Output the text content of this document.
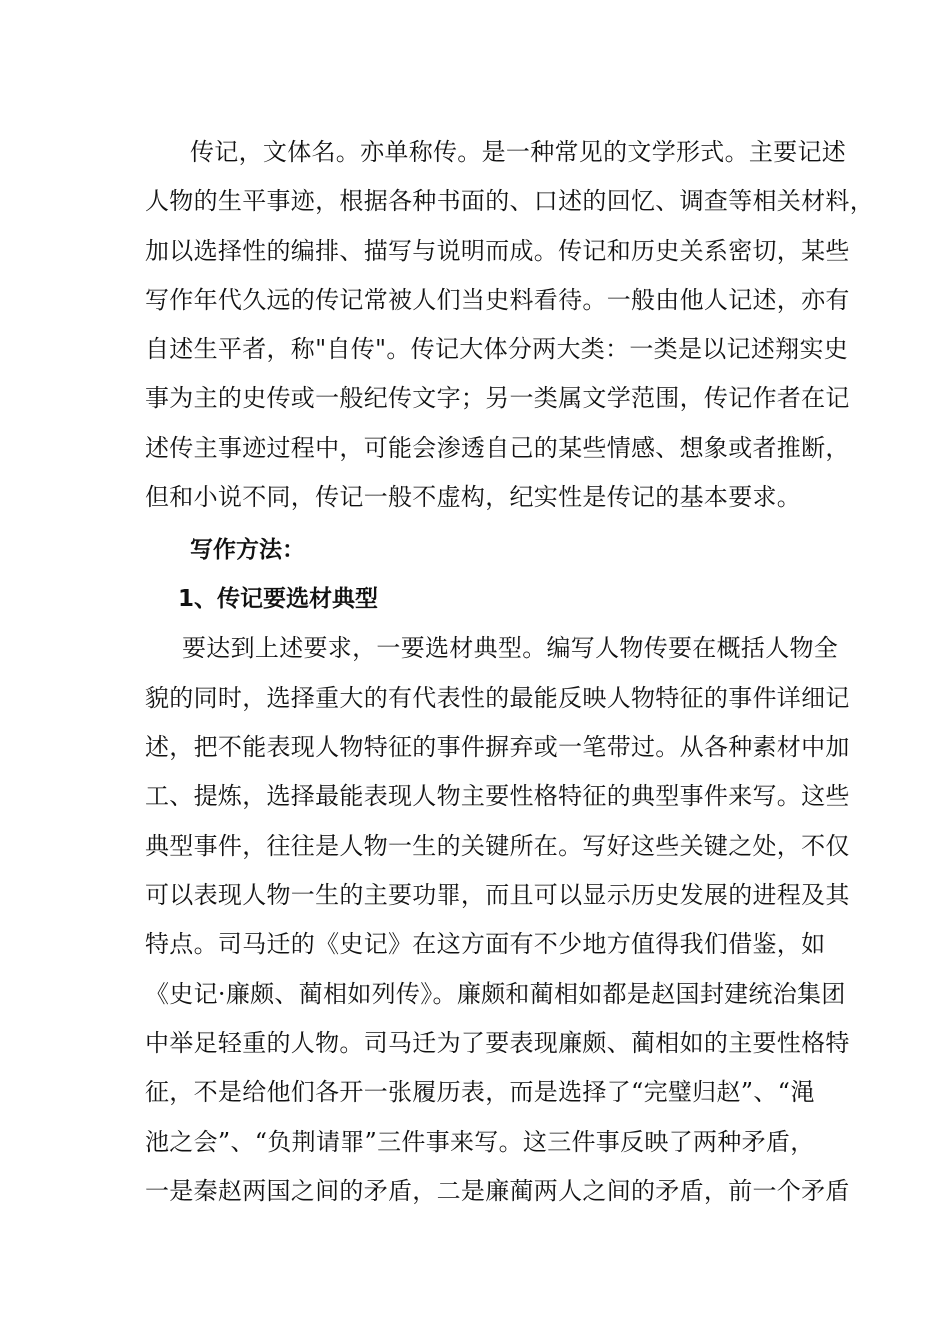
传记，文体名。亦单称传。是一种常见的文学形式。主要记述
人物的生平事迹，根据各种书面的、口述的回忆、调查等相关材料，
加以选择性的编排、描写与说明而成。传记和历史关系密切，某些
写作年代久远的传记常被人们当史料看待。一般由他人记述，亦有
自述生平者，称"自传"。传记大体分两大类：一类是以记述翔实史
事为主的史传或一般纪传文字；另一类属文学范围，传记作者在记
述传主事迹过程中，可能会渗透自己的某些情感、想象或者推断，
但和小说不同，传记一般不虚构，纪实性是传记的基本要求。
写作方法：
1、传记要选材典型
要达到上述要求，一要选材典型。编写人物传要在概括人物全
貌的同时，选择重大的有代表性的最能反映人物特征的事件详细记
述，把不能表现人物特征的事件摒弃或一笔带过。从各种素材中加
工、提炼，选择最能表现人物主要性格特征的典型事件来写。这些
典型事件，往往是人物一生的关键所在。写好这些关键之处，不仅
可以表现人物一生的主要功罪，而且可以显示历史发展的进程及其
特点。司马迁的《史记》在这方面有不少地方值得我们借鉴，如
《史记·廉颇、蔺相如列传》。廉颇和蔺相如都是赵国封建统治集团
中举足轻重的人物。司马迁为了要表现廉颇、蔺相如的主要性格特
征，不是给他们各开一张履历表，而是选择了“完璧归赵”、“渑
池之会”、“负荆请罪”三件事来写。这三件事反映了两种矛盾，
一是秦赵两国之间的矛盾，二是廉蔺两人之间的矛盾，前一个矛盾
